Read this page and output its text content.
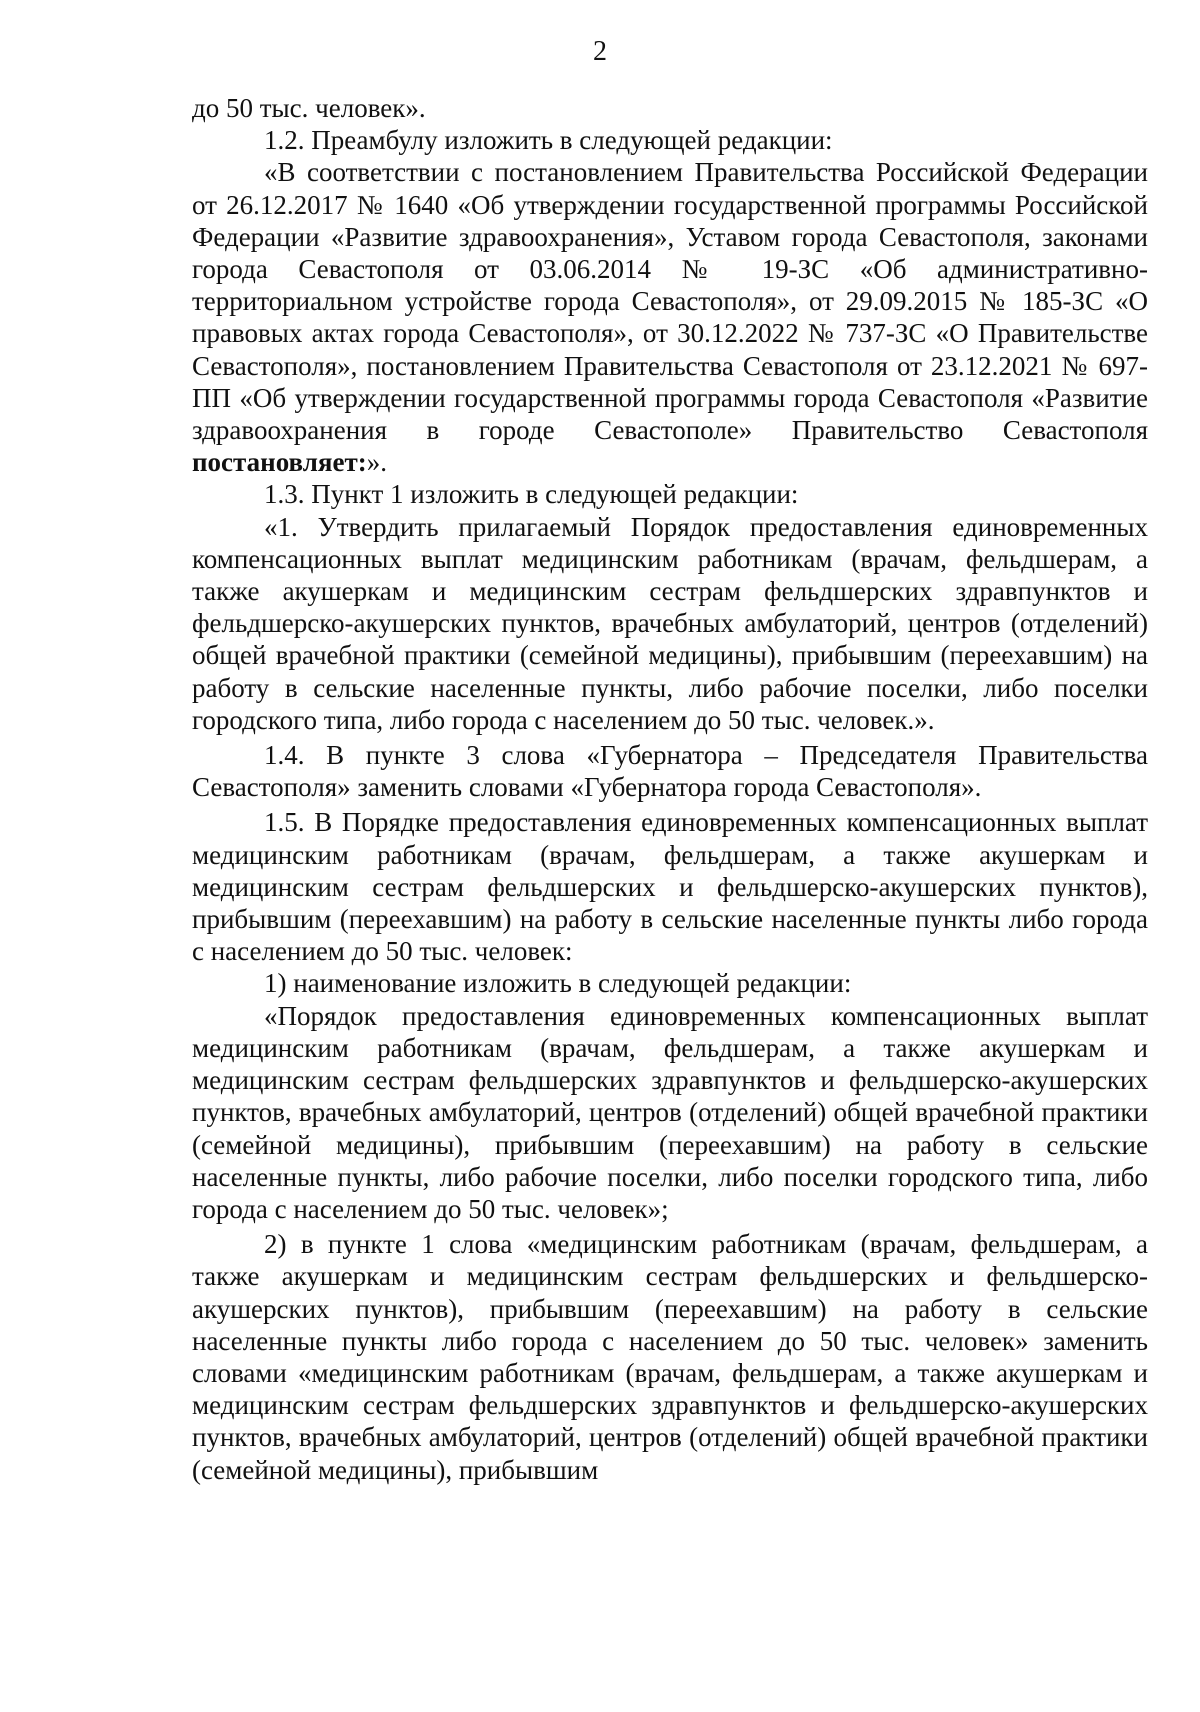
2

до 50 тыс. человек».

1.2. Преамбулу изложить в следующей редакции:

«В соответствии с постановлением Правительства Российской Федерации от 26.12.2017 № 1640 «Об утверждении государственной программы Российской Федерации «Развитие здравоохранения», Уставом города Севастополя, законами города Севастополя от 03.06.2014 № 19-ЗС «Об административно-территориальном устройстве города Севастополя», от 29.09.2015 № 185-ЗС «О правовых актах города Севастополя», от 30.12.2022 № 737-ЗС «О Правительстве Севастополя», постановлением Правительства Севастополя от 23.12.2021 № 697-ПП «Об утверждении государственной программы города Севастополя «Развитие здравоохранения в городе Севастополе» Правительство Севастополя постановляет:».

1.3. Пункт 1 изложить в следующей редакции:

«1. Утвердить прилагаемый Порядок предоставления единовременных компенсационных выплат медицинским работникам (врачам, фельдшерам, а также акушеркам и медицинским сестрам фельдшерских здравпунктов и фельдшерско-акушерских пунктов, врачебных амбулаторий, центров (отделений) общей врачебной практики (семейной медицины), прибывшим (переехавшим) на работу в сельские населенные пункты, либо рабочие поселки, либо поселки городского типа, либо города с населением до 50 тыс. человек.».

1.4. В пункте 3 слова «Губернатора – Председателя Правительства Севастополя» заменить словами «Губернатора города Севастополя».

1.5. В Порядке предоставления единовременных компенсационных выплат медицинским работникам (врачам, фельдшерам, а также акушеркам и медицинским сестрам фельдшерских и фельдшерско-акушерских пунктов), прибывшим (переехавшим) на работу в сельские населенные пункты либо города с населением до 50 тыс. человек:

1) наименование изложить в следующей редакции:

«Порядок предоставления единовременных компенсационных выплат медицинским работникам (врачам, фельдшерам, а также акушеркам и медицинским сестрам фельдшерских здравпунктов и фельдшерско-акушерских пунктов, врачебных амбулаторий, центров (отделений) общей врачебной практики (семейной медицины), прибывшим (переехавшим) на работу в сельские населенные пункты, либо рабочие поселки, либо поселки городского типа, либо города с населением до 50 тыс. человек»;

2) в пункте 1 слова «медицинским работникам (врачам, фельдшерам, а также акушеркам и медицинским сестрам фельдшерских и фельдшерско-акушерских пунктов), прибывшим (переехавшим) на работу в сельские населенные пункты либо города с населением до 50 тыс. человек» заменить словами «медицинским работникам (врачам, фельдшерам, а также акушеркам и медицинским сестрам фельдшерских здравпунктов и фельдшерско-акушерских пунктов, врачебных амбулаторий, центров (отделений) общей врачебной практики (семейной медицины), прибывшим
